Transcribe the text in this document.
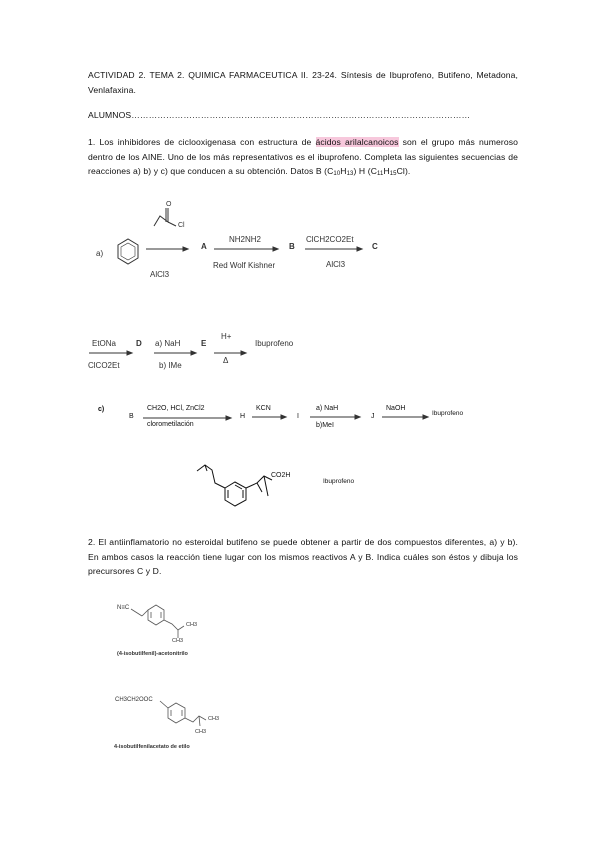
ACTIVIDAD 2. TEMA 2. QUIMICA FARMACEUTICA II. 23-24. Síntesis de Ibuprofeno, Butifeno, Metadona, Venlafaxina.
ALUMNOS………………………………………………………………………………………………………
1. Los inhibidores de ciclooxigenasa con estructura de ácidos arilalcanoicos son el grupo más numeroso dentro de los AINE. Uno de los más representativos es el ibuprofeno. Completa las siguientes secuencias de reacciones a) b) y c) que conducen a su obtención. Datos B (C10H13) H (C11H15Cl).
a)
O
Cl
AlCl3
A
NH2NH2
Red Wolf Kishner
B
ClCH2CO2Et
AlCl3
C
EtONa
ClCO2Et
D a) NaH
b) IMe
E
H+
Δ
Ibuprofeno
c)
B
CH2O, HCl, ZnCl2
clorometilación
H
KCN
I
a) NaH
b)MeI
J
NaOH
Ibuprofeno
CO2H
Ibuprofeno
2. El antiinflamatorio no esteroidal butifeno se puede obtener a partir de dos compuestos diferentes, a) y b). En ambos casos la reacción tiene lugar con los mismos reactivos A y B. Indica cuáles son éstos y dibuja los precursores C y D.
N≡C
CH3
CH3
(4-isobutilfenil)-acetonitrilo
CH3CH2OOC
CH3
CH3
4-isobutilfenilacetato de etilo
